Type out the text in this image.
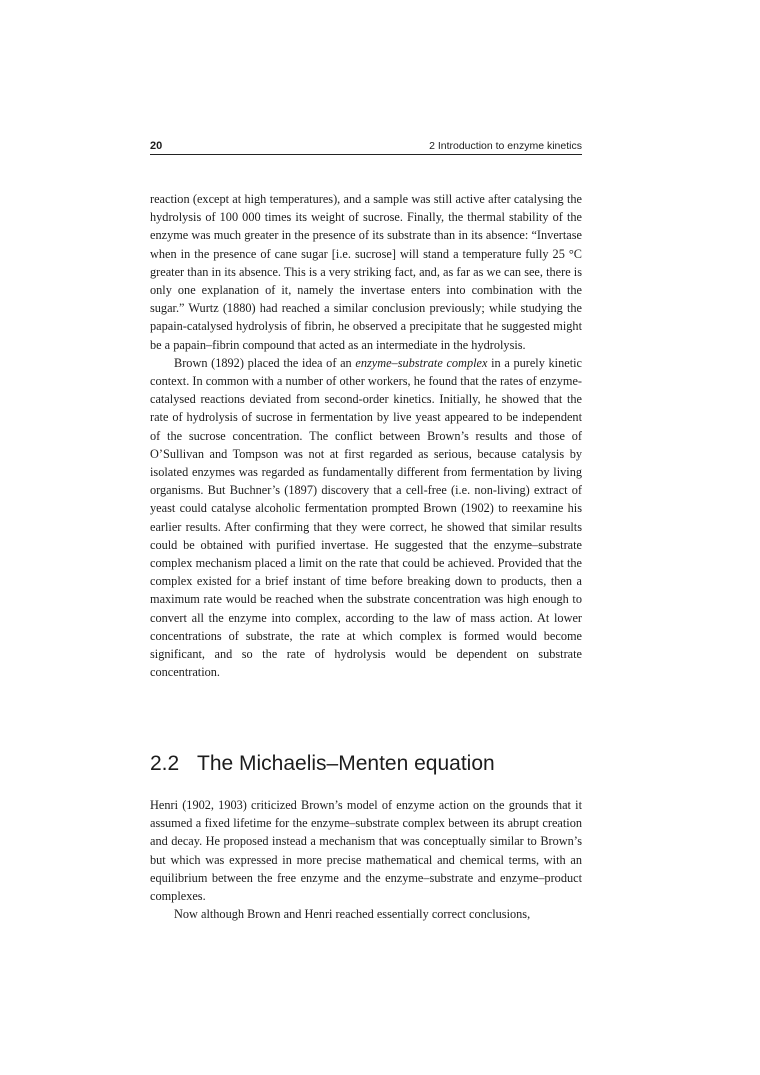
20	2 Introduction to enzyme kinetics

reaction (except at high temperatures), and a sample was still active after catalysing the hydrolysis of 100 000 times its weight of sucrose. Finally, the thermal stability of the enzyme was much greater in the presence of its substrate than in its absence: “Invertase when in the presence of cane sugar [i.e. sucrose] will stand a temperature fully 25 °C greater than in its absence. This is a very striking fact, and, as far as we can see, there is only one explanation of it, namely the invertase enters into combination with the sugar.” Wurtz (1880) had reached a similar conclusion previously; while studying the papain-catalysed hydrolysis of fibrin, he observed a precipitate that he suggested might be a papain–fibrin compound that acted as an intermediate in the hydrolysis.

Brown (1892) placed the idea of an enzyme–substrate complex in a purely kinetic context. In common with a number of other workers, he found that the rates of enzyme-catalysed reactions deviated from second-order kinetics. Initially, he showed that the rate of hydrolysis of sucrose in fermentation by live yeast appeared to be independent of the sucrose concentration. The conflict between Brown’s results and those of O’Sullivan and Tompson was not at first regarded as serious, because catalysis by isolated enzymes was regarded as fundamentally different from fermentation by living organisms. But Buchner’s (1897) discovery that a cell-free (i.e. non-living) extract of yeast could catalyse alcoholic fermentation prompted Brown (1902) to reexamine his earlier results. After confirming that they were correct, he showed that similar results could be obtained with purified invertase. He suggested that the enzyme–substrate complex mechanism placed a limit on the rate that could be achieved. Provided that the complex existed for a brief instant of time before breaking down to products, then a maximum rate would be reached when the substrate concentration was high enough to convert all the enzyme into complex, according to the law of mass action. At lower concentrations of substrate, the rate at which complex is formed would become significant, and so the rate of hydrolysis would be dependent on substrate concentration.

2.2 The Michaelis–Menten equation

Henri (1902, 1903) criticized Brown’s model of enzyme action on the grounds that it assumed a fixed lifetime for the enzyme–substrate complex between its abrupt creation and decay. He proposed instead a mechanism that was conceptually similar to Brown’s but which was expressed in more precise mathematical and chemical terms, with an equilibrium between the free enzyme and the enzyme–substrate and enzyme–product complexes.

Now although Brown and Henri reached essentially correct conclusions,
